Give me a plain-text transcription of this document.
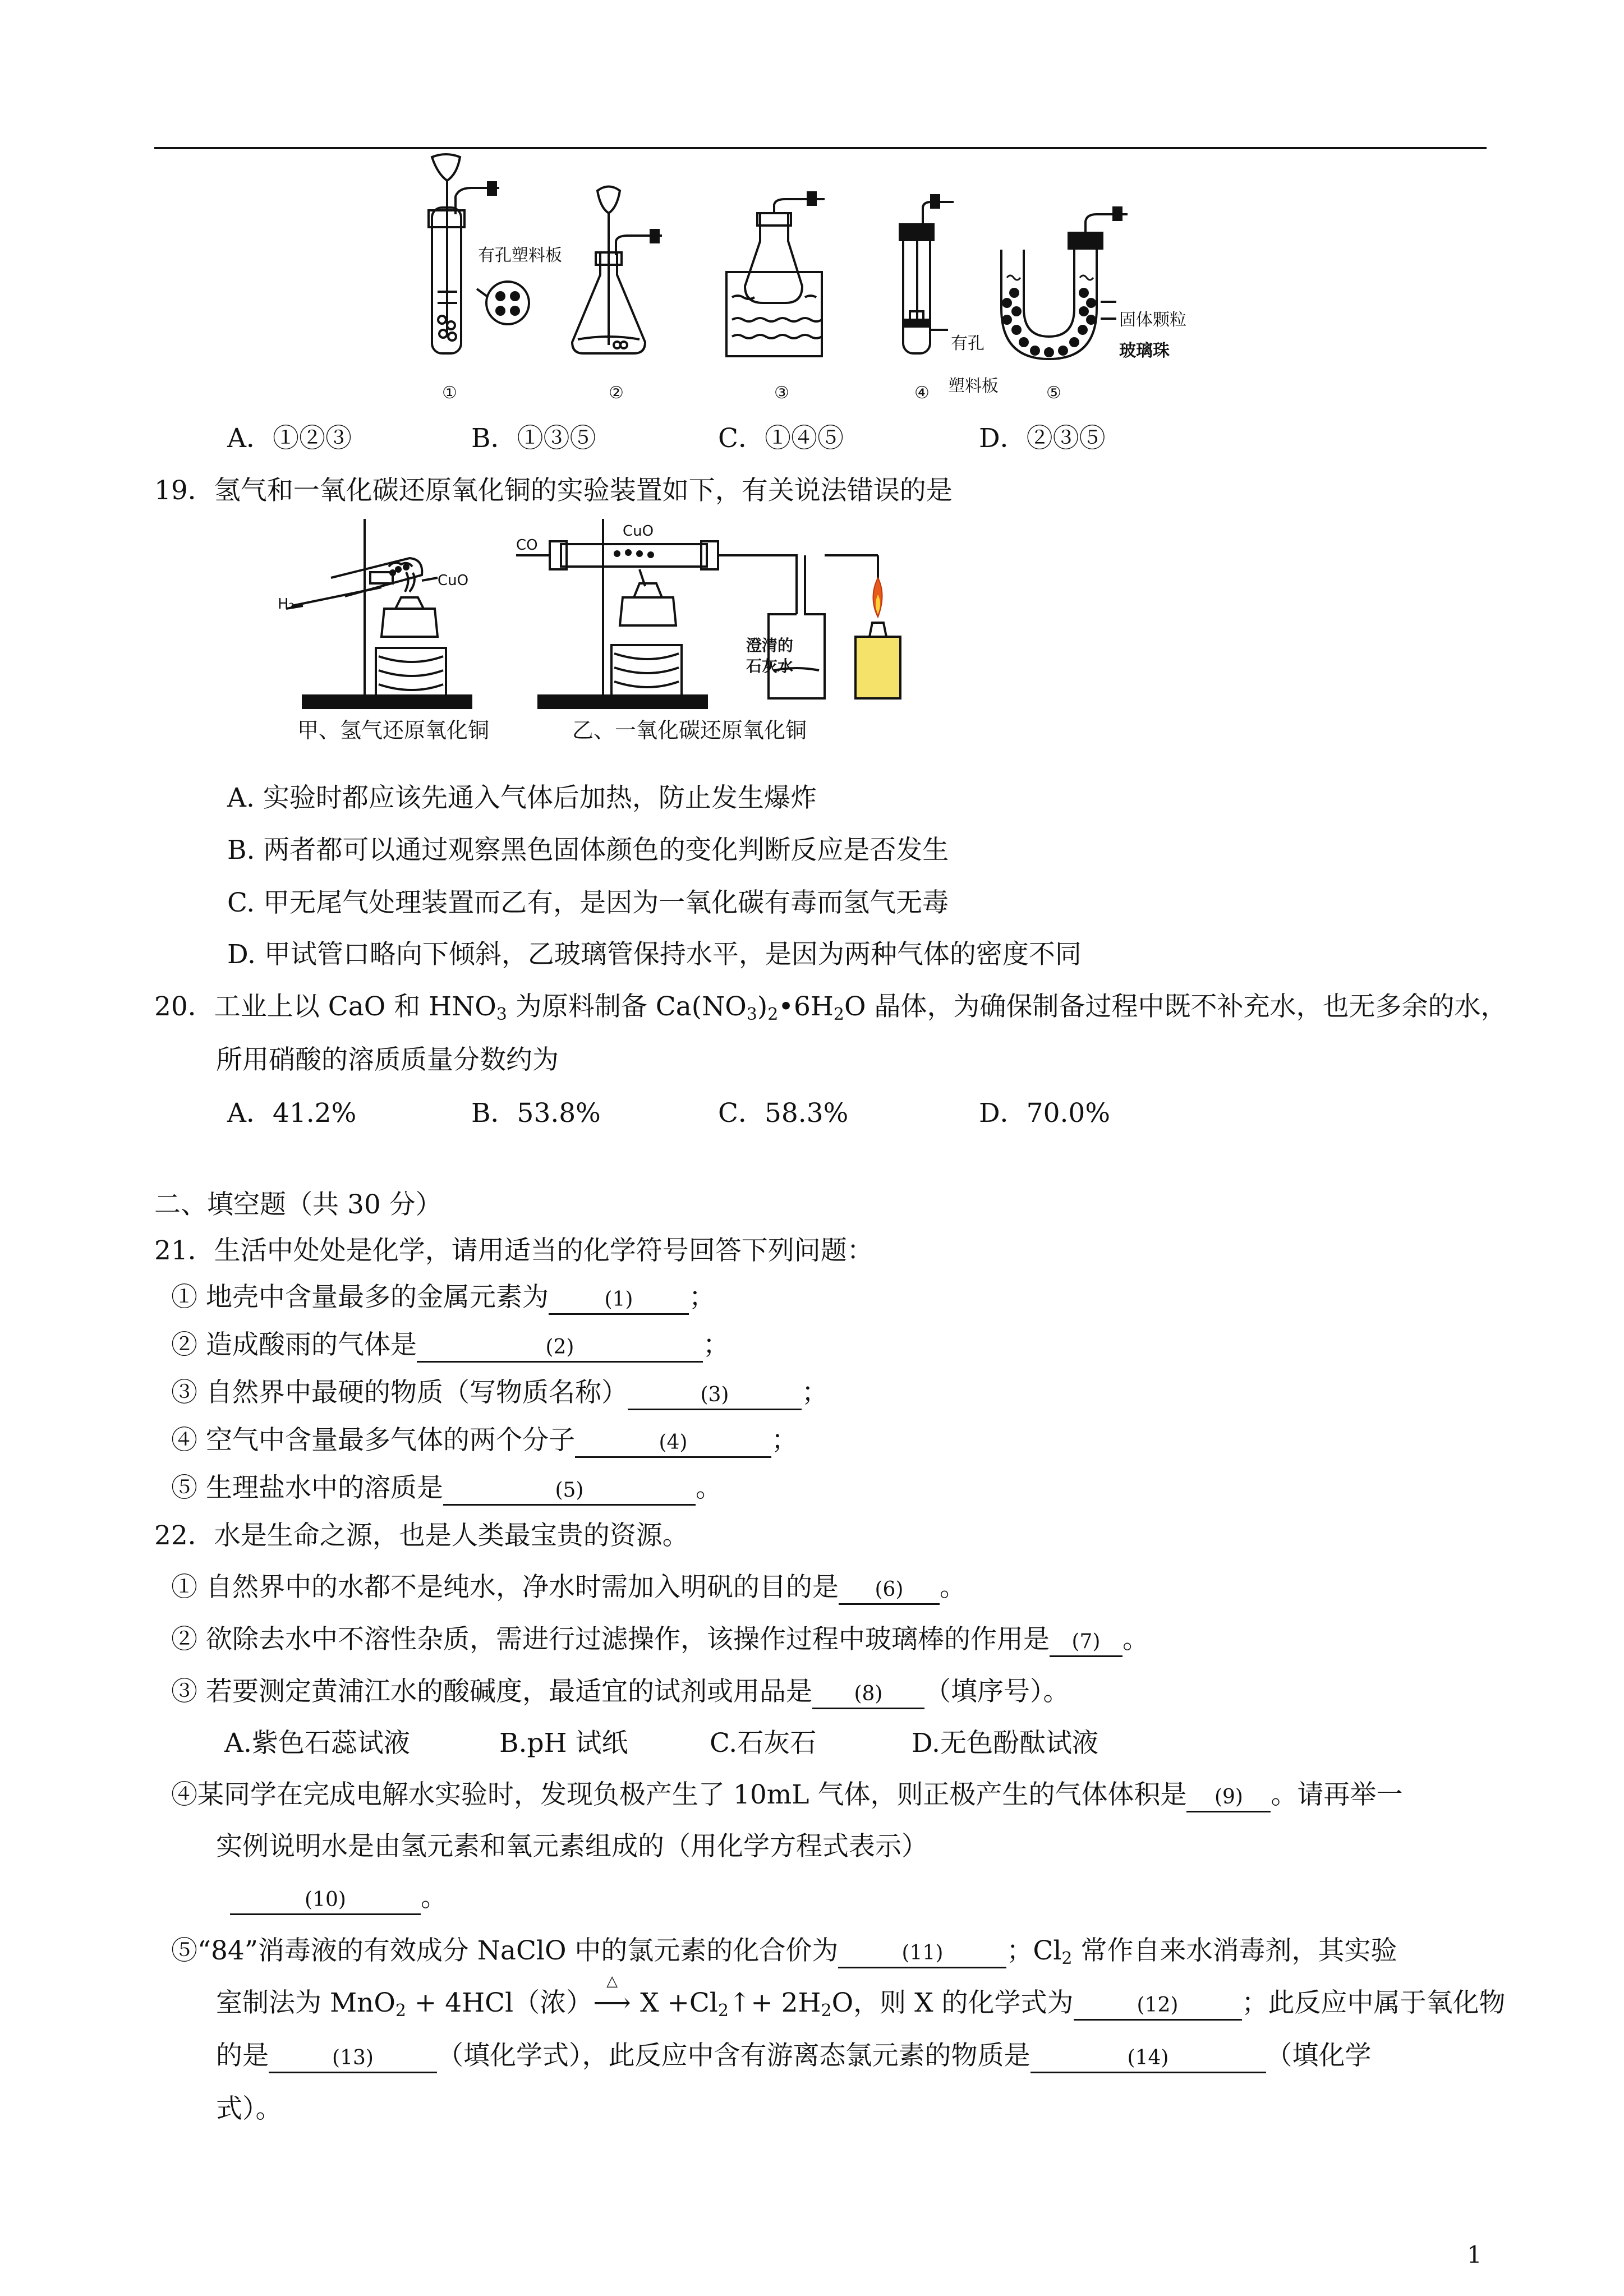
有孔塑料板
①	②	③	④	⑤
有孔
塑料板
固体颗粒
玻璃珠
A．①②③	B．①③⑤	C．①④⑤	D．②③⑤
19．氢气和一氧化碳还原氧化铜的实验装置如下，有关说法错误的是
H₂
CuO
CO
CuO
澄清的
石灰水
甲、氢气还原氧化铜	乙、一氧化碳还原氧化铜
A. 实验时都应该先通入气体后加热，防止发生爆炸
B. 两者都可以通过观察黑色固体颜色的变化判断反应是否发生
C. 甲无尾气处理装置而乙有，是因为一氧化碳有毒而氢气无毒
D. 甲试管口略向下倾斜，乙玻璃管保持水平，是因为两种气体的密度不同
20．工业上以 CaO 和 $HNO_3$ 为原料制备 $Ca(NO_3)_2•6H_2O$ 晶体，为确保制备过程中既不补充水，也无多余的水，
所用硝酸的溶质质量分数约为
A．41.2%	B．53.8%	C．58.3%	D．70.0%
二、填空题（共 30 分）
21．生活中处处是化学，请用适当的化学符号回答下列问题：
① 地壳中含量最多的金属元素为	(1) ；
② 造成酸雨的气体是	(2)	；
③ 自然界中最硬的物质（写物质名称）	(3)	；
④ 空气中含量最多气体的两个分子	(4)	；
⑤ 生理盐水中的溶质是	(5)	。
22．水是生命之源，也是人类最宝贵的资源。
① 自然界中的水都不是纯水，净水时需加入明矾的目的是 (6) 。
② 欲除去水中不溶性杂质，需进行过滤操作，该操作过程中玻璃棒的作用是 (7) 。
③ 若要测定黄浦江水的酸碱度，最适宜的试剂或用品是 (8) （填序号）。
A.紫色石蕊试液	B.pH 试纸	C.石灰石	D.无色酚酞试液
④某同学在完成电解水实验时，发现负极产生了 10mL 气体，则正极产生的气体体积是 (9) 。请再举一
实例说明水是由氢元素和氧元素组成的（用化学方程式表示）
(10)	。
⑤“84”消毒液的有效成分 NaClO 中的氯元素的化合价为	(11) ；$Cl_2$ 常作自来水消毒剂，其实验
室制法为 MnO$_2$ + 4HCl（浓）
△
⟶ $X +Cl_2↑+ 2H_2O$，则 X 的化学式为	(12) ；此反应中属于氧化物
的是	(13) （填化学式），此反应中含有游离态氯元素的物质是	(14)	（填化学
式）。
1
